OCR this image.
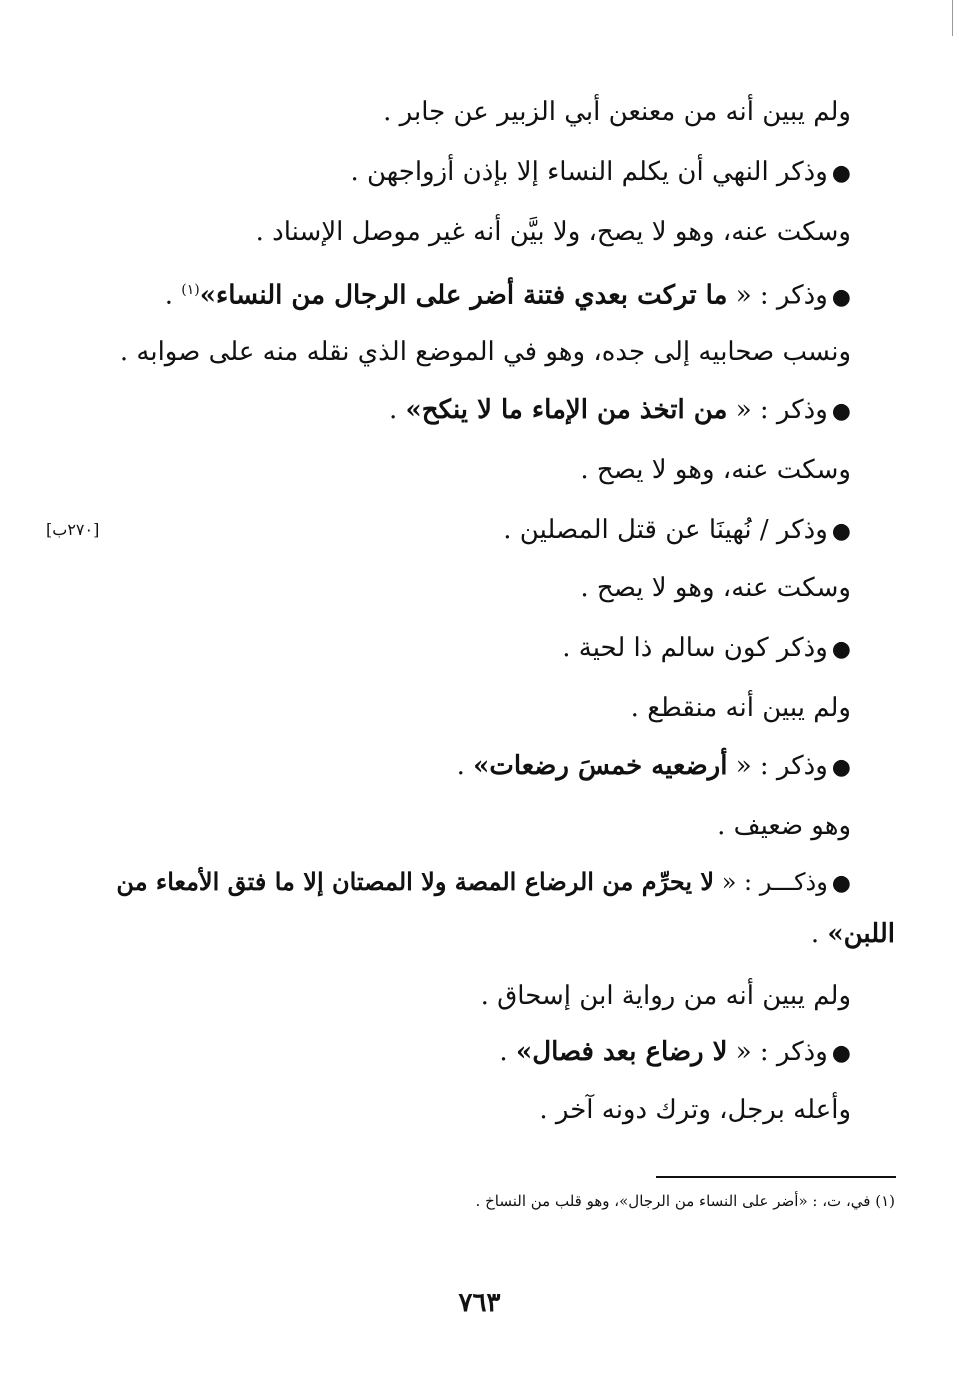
ولم يبين أنه من معنعن أبي الزبير عن جابر .
●وذكر النهي أن يكلم النساء إلا بإذن أزواجهن .
وسكت عنه، وهو لا يصح، ولا بيَّن أنه غير موصل الإسناد .
●وذكر : « ما تركت بعدي فتنة أضر على الرجال من النساء»$^{(١)}$ .
ونسب صحابيه إلى جده، وهو في الموضع الذي نقله منه على صوابه .
●وذكر : « من اتخذ من الإماء ما لا ينكح» .
وسكت عنه، وهو لا يصح .
●وذكر / نُهينَا عن قتل المصلين .
[٢٧٠ب]
وسكت عنه، وهو لا يصح .
●وذكر كون سالم ذا لحية .
ولم يبين أنه منقطع .
●وذكر : « أرضعيه خمسَ رضعات» .
وهو ضعيف .
●وذكـــر : « لا يحرِّم من الرضاع المصة ولا المصتان إلا ما فتق الأمعاء من
اللبن» .
ولم يبين أنه من رواية ابن إسحاق .
●وذكر : « لا رضاع بعد فصال» .
وأعله برجل، وترك دونه آخر .
(١) في، ت، : «أضر على النساء من الرجال»، وهو قلب من النساخ .
٧٦٣
